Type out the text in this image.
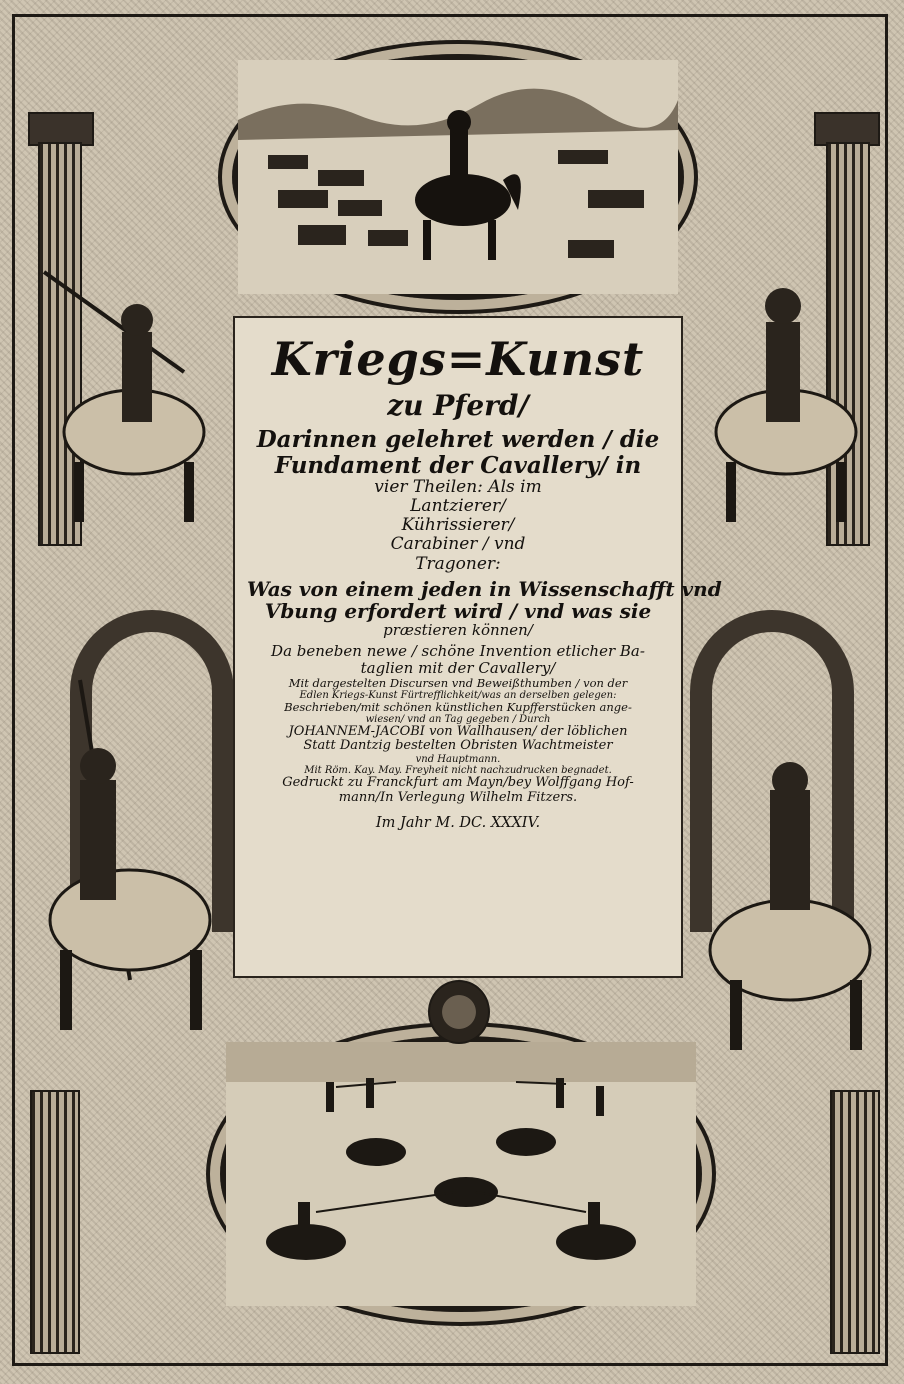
Kriegs=Kunst
zu Pferd/
Darinnen gelehret werden / die
Fundament der Cavallery/ in
vier Theilen: Als im
Lantzierer/
Kührissierer/
Carabiner / vnd
Tragoner:
Was von einem jeden in Wissenschafft vnd
Vbung erfordert wird / vnd was sie
præstieren können/
Da beneben newe / schöne Invention etlicher Ba-
taglien mit der Cavallery/
Mit dargestelten Discursen vnd Beweißthumben / von der
Edlen Kriegs-Kunst Fürtrefflichkeit/was an derselben gelegen:
Beschrieben/mit schönen künstlichen Kupfferstücken ange-
wiesen/ vnd an Tag gegeben / Durch
JOHANNEM-JACOBI von Wallhausen/ der löblichen
Statt Dantzig bestelten Obristen Wachtmeister
vnd Hauptmann.
Mit Röm. Kay. May. Freyheit nicht nachzudrucken begnadet.
Gedruckt zu Franckfurt am Mayn/bey Wolffgang Hof-
mann/In Verlegung Wilhelm Fitzers.
Im Jahr M. DC. XXXIV.
